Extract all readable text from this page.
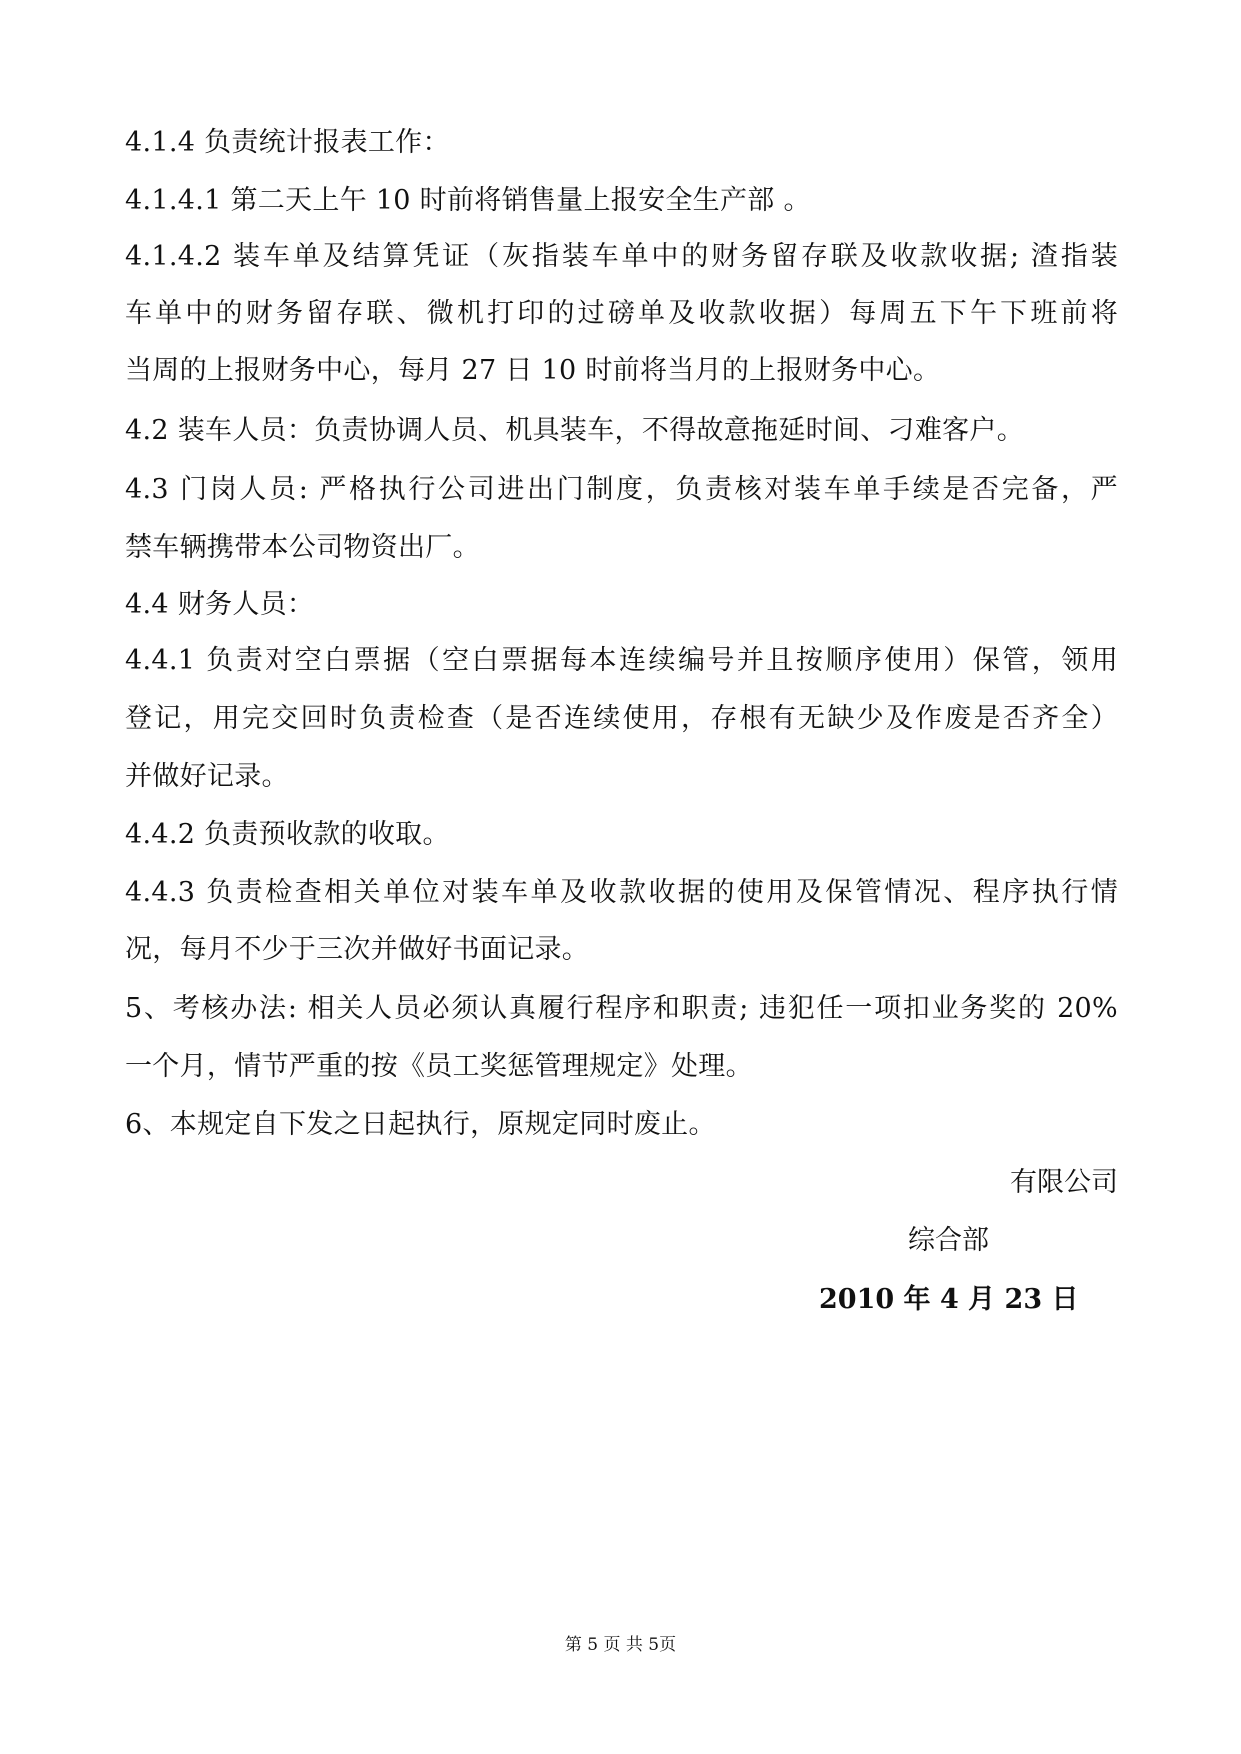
4.1.4 负责统计报表工作：
4.1.4.1 第二天上午 10 时前将销售量上报安全生产部 。
4.1.4.2 装车单及结算凭证（灰指装车单中的财务留存联及收款收据; 渣指装
车单中的财务留存联、微机打印的过磅单及收款收据）每周五下午下班前将
当周的上报财务中心，每月 27 日 10 时前将当月的上报财务中心。
4.2 装车人员：负责协调人员、机具装车，不得故意拖延时间、刁难客户。
4.3 门岗人员: 严格执行公司进出门制度，负责核对装车单手续是否完备，严
禁车辆携带本公司物资出厂。
4.4 财务人员：
4.4.1 负责对空白票据（空白票据每本连续编号并且按顺序使用）保管，领用
登记，用完交回时负责检查（是否连续使用，存根有无缺少及作废是否齐全）
并做好记录。
4.4.2 负责预收款的收取。
4.4.3 负责检查相关单位对装车单及收款收据的使用及保管情况、程序执行情
况，每月不少于三次并做好书面记录。
5、考核办法: 相关人员必须认真履行程序和职责; 违犯任一项扣业务奖的 20%
一个月，情节严重的按《员工奖惩管理规定》处理。
6、本规定自下发之日起执行，原规定同时废止。
有限公司
综合部
2010 年 4 月 23 日
第 5 页 共 5页
